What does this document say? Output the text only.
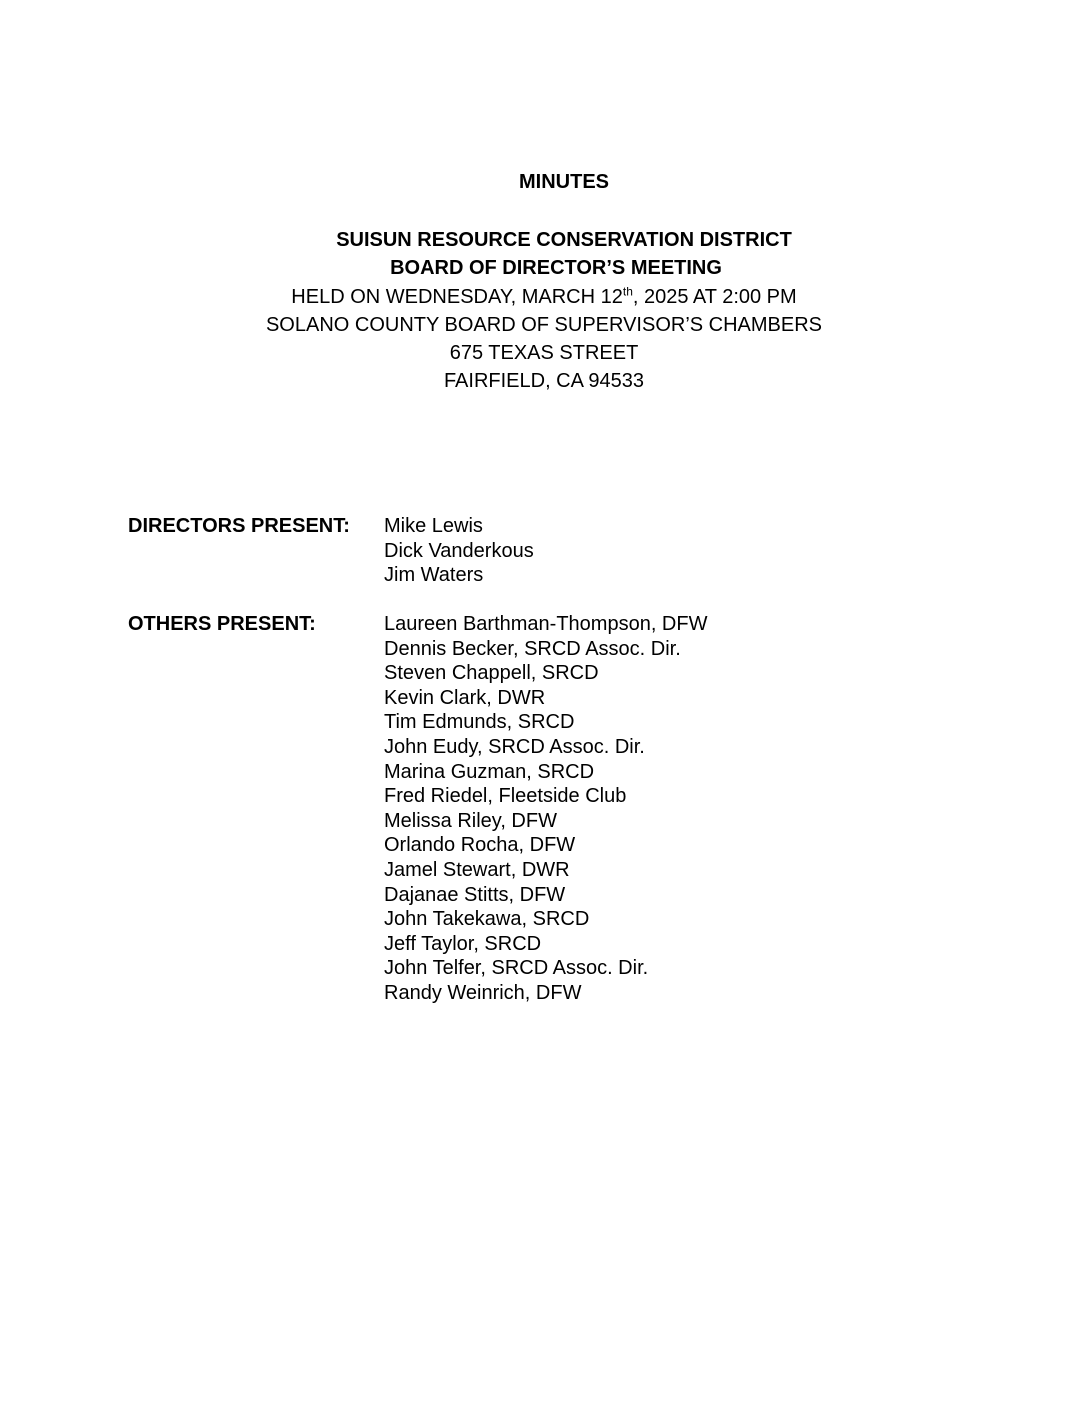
MINUTES
SUISUN RESOURCE CONSERVATION DISTRICT
BOARD OF DIRECTOR’S MEETING
HELD ON WEDNESDAY, MARCH 12th, 2025 AT 2:00 PM
SOLANO COUNTY BOARD OF SUPERVISOR’S CHAMBERS
675 TEXAS STREET
FAIRFIELD, CA 94533
DIRECTORS PRESENT:	Mike Lewis
Dick Vanderkous
Jim Waters
OTHERS PRESENT:	Laureen Barthman-Thompson, DFW
Dennis Becker, SRCD Assoc. Dir.
Steven Chappell, SRCD
Kevin Clark, DWR
Tim Edmunds, SRCD
John Eudy, SRCD Assoc. Dir.
Marina Guzman, SRCD
Fred Riedel, Fleetside Club
Melissa Riley, DFW
Orlando Rocha, DFW
Jamel Stewart, DWR
Dajanae Stitts, DFW
John Takekawa, SRCD
Jeff Taylor, SRCD
John Telfer, SRCD Assoc. Dir.
Randy Weinrich, DFW
